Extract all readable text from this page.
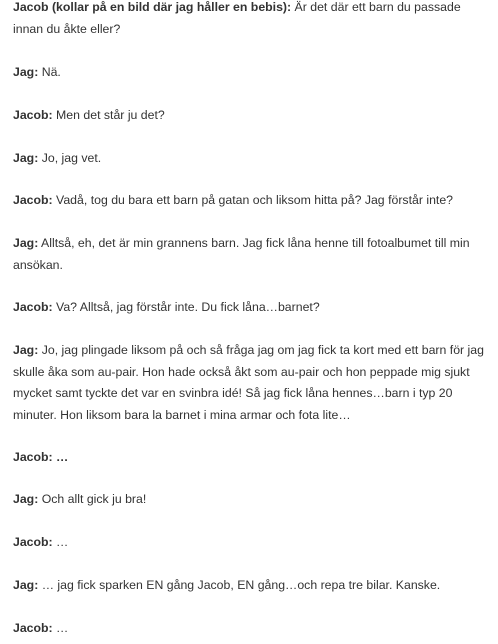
Jacob (kollar på en bild där jag håller en bebis): Är det där ett barn du passade innan du åkte eller?

Jag: Nä.

Jacob: Men det står ju det?

Jag: Jo, jag vet.

Jacob: Vadå, tog du bara ett barn på gatan och liksom hitta på? Jag förstår inte?

Jag: Alltså, eh, det är min grannens barn. Jag fick låna henne till fotoalbumet till min ansökan.

Jacob: Va? Alltså, jag förstår inte. Du fick låna…barnet?

Jag: Jo, jag plingade liksom på och så fråga jag om jag fick ta kort med ett barn för jag skulle åka som au-pair. Hon hade också åkt som au-pair och hon peppade mig sjukt mycket samt tyckte det var en svinbra idé! Så jag fick låna hennes…barn i typ 20 minuter. Hon liksom bara la barnet i mina armar och fota lite…

Jacob: …

Jag: Och allt gick ju bra!

Jacob: …

Jag: … jag fick sparken EN gång Jacob, EN gång…och repa tre bilar. Kanske.

Jacob: …
